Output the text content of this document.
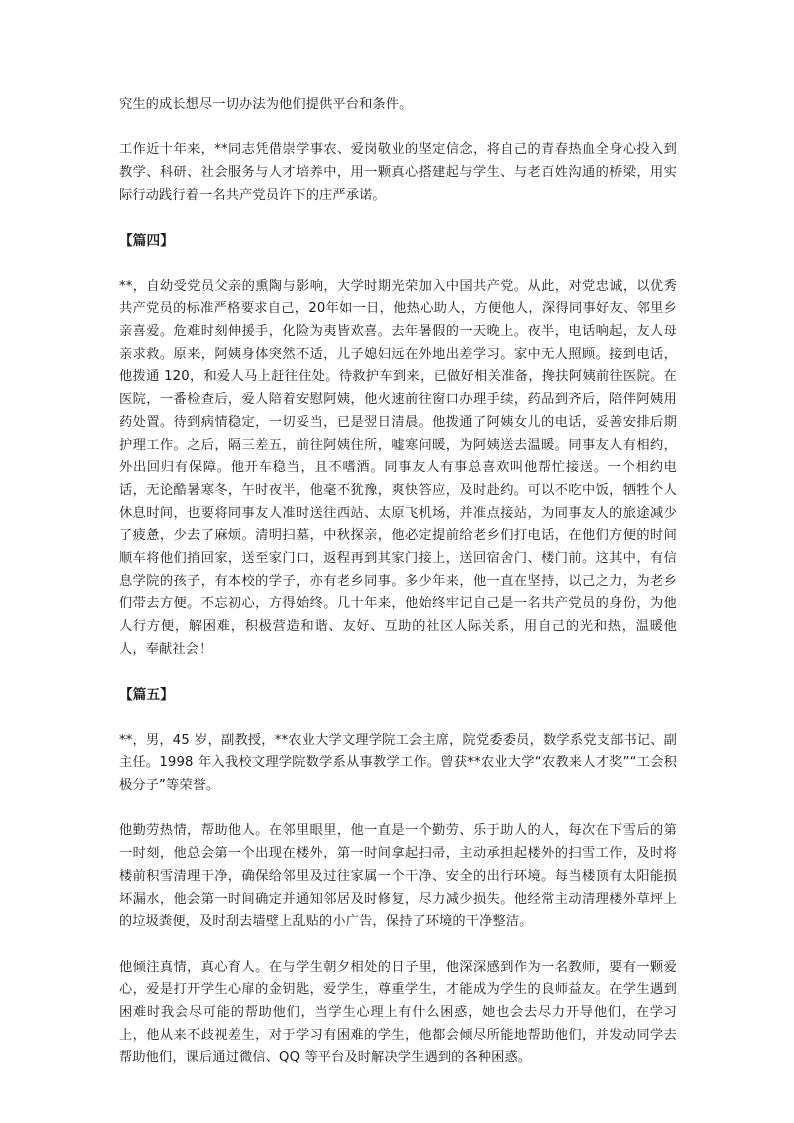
究生的成长想尽一切办法为他们提供平台和条件。

工作近十年来，**同志凭借崇学事农、爱岗敬业的坚定信念，将自己的青春热血全身心投入到教学、科研、社会服务与人才培养中，用一颗真心搭建起与学生、与老百姓沟通的桥梁，用实际行动践行着一名共产党员许下的庄严承诺。

【篇四】

**，自幼受党员父亲的熏陶与影响，大学时期光荣加入中国共产党。从此，对党忠诚，以优秀共产党员的标准严格要求自己，20年如一日，他热心助人，方便他人，深得同事好友、邻里乡亲喜爱。危难时刻伸援手，化险为夷皆欢喜。去年暑假的一天晚上。夜半，电话响起，友人母亲求救。原来，阿姨身体突然不适，儿子媳妇远在外地出差学习。家中无人照顾。接到电话，他拨通 120，和爱人马上赶往住处。待救护车到来，已做好相关准备，搀扶阿姨前往医院。在医院，一番检查后，爱人陪着安慰阿姨，他火速前往窗口办理手续，药品到齐后，陪伴阿姨用药处置。待到病情稳定，一切妥当，已是翌日清晨。他拨通了阿姨女儿的电话，妥善安排后期护理工作。之后，隔三差五，前往阿姨住所，嘘寒问暖，为阿姨送去温暖。同事友人有相约，外出回归有保障。他开车稳当，且不嗜酒。同事友人有事总喜欢叫他帮忙接送。一个相约电话，无论酷暑寒冬，午时夜半，他毫不犹豫，爽快答应，及时赴约。可以不吃中饭，牺牲个人休息时间，也要将同事友人准时送往西站、太原飞机场，并准点接站，为同事友人的旅途减少了疲惫，少去了麻烦。清明扫墓，中秋探亲，他必定提前给老乡们打电话，在他们方便的时间顺车将他们捎回家，送至家门口，返程再到其家门接上，送回宿舍门、楼门前。这其中，有信息学院的孩子，有本校的学子，亦有老乡同事。多少年来，他一直在坚持，以己之力，为老乡们带去方便。不忘初心，方得始终。几十年来，他始终牢记自己是一名共产党员的身份，为他人行方便，解困难，积极营造和谐、友好、互助的社区人际关系，用自己的光和热，温暖他人，奉献社会！

【篇五】

**，男，45 岁，副教授，**农业大学文理学院工会主席，院党委委员，数学系党支部书记、副主任。1998 年入我校文理学院数学系从事教学工作。曾获**农业大学“农教来人才奖”“工会积极分子”等荣誉。

他勤劳热情，帮助他人。在邻里眼里，他一直是一个勤劳、乐于助人的人，每次在下雪后的第一时刻，他总会第一个出现在楼外，第一时间拿起扫帚，主动承担起楼外的扫雪工作，及时将楼前积雪清理干净，确保给邻里及过往家属一个干净、安全的出行环境。每当楼顶有太阳能损坏漏水，他会第一时间确定并通知邻居及时修复，尽力减少损失。他经常主动清理楼外草坪上的垃圾粪便，及时刮去墙壁上乱贴的小广告，保持了环境的干净整洁。

他倾注真情，真心育人。在与学生朝夕相处的日子里，他深深感到作为一名教师，要有一颗爱心，爱是打开学生心扉的金钥匙，爱学生，尊重学生，才能成为学生的良师益友。在学生遇到困难时我会尽可能的帮助他们，当学生心理上有什么困惑，她也会去尽力开导他们，在学习上，他从来不歧视差生，对于学习有困难的学生，他都会倾尽所能地帮助他们，并发动同学去帮助他们，课后通过微信、QQ 等平台及时解决学生遇到的各种困惑。
